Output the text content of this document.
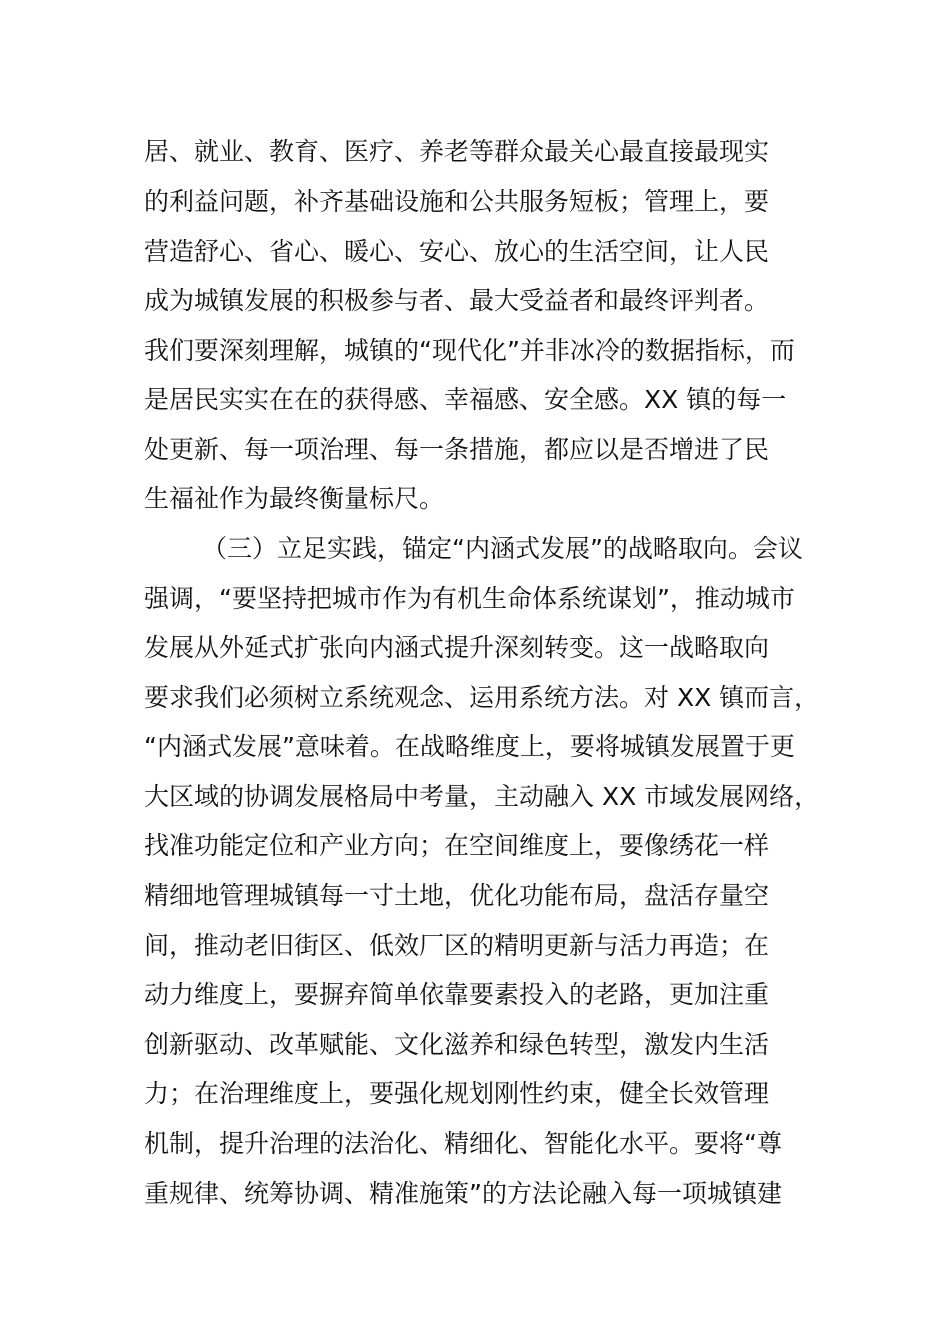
居、就业、教育、医疗、养老等群众最关心最直接最现实
的利益问题，补齐基础设施和公共服务短板；管理上，要
营造舒心、省心、暖心、安心、放心的生活空间，让人民
成为城镇发展的积极参与者、最大受益者和最终评判者。
我们要深刻理解，城镇的“现代化”并非冰冷的数据指标，而
是居民实实在在的获得感、幸福感、安全感。XX 镇的每一
处更新、每一项治理、每一条措施，都应以是否增进了民
生福祉作为最终衡量标尺。
（三）立足实践，锚定“内涵式发展”的战略取向。会议
强调，“要坚持把城市作为有机生命体系统谋划”，推动城市
发展从外延式扩张向内涵式提升深刻转变。这一战略取向
要求我们必须树立系统观念、运用系统方法。对 XX 镇而言，
“内涵式发展”意味着。在战略维度上，要将城镇发展置于更
大区域的协调发展格局中考量，主动融入 XX 市域发展网络，
找准功能定位和产业方向；在空间维度上，要像绣花一样
精细地管理城镇每一寸土地，优化功能布局，盘活存量空
间，推动老旧街区、低效厂区的精明更新与活力再造；在
动力维度上，要摒弃简单依靠要素投入的老路，更加注重
创新驱动、改革赋能、文化滋养和绿色转型，激发内生活
力；在治理维度上，要强化规划刚性约束，健全长效管理
机制，提升治理的法治化、精细化、智能化水平。要将“尊
重规律、统筹协调、精准施策”的方法论融入每一项城镇建
